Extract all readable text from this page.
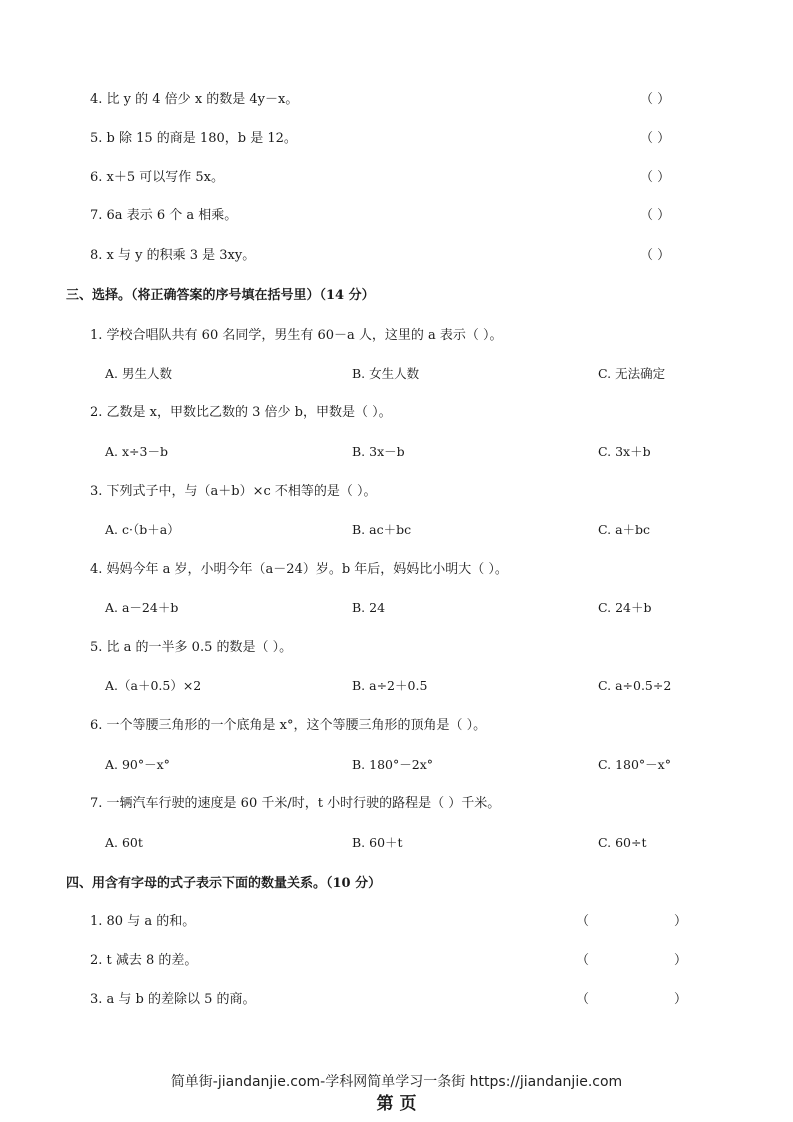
4. 比 y 的 4 倍少 x 的数是 4y－x。	（ ）
5. b 除 15 的商是 180，b 是 12。	（ ）
6. x＋5 可以写作 5x。	（ ）
7. 6a 表示 6 个 a 相乘。	（ ）
8. x 与 y 的积乘 3 是 3xy。	（ ）
三、选择。（将正确答案的序号填在括号里）（14 分）
1. 学校合唱队共有 60 名同学，男生有 60－a 人，这里的 a 表示（ ）。
A. 男生人数	B. 女生人数	C. 无法确定
2. 乙数是 x，甲数比乙数的 3 倍少 b，甲数是（ ）。
A. x÷3－b	B. 3x－b	C. 3x＋b
3. 下列式子中，与（a＋b）×c 不相等的是（ ）。
A. c·（b＋a）	B. ac＋bc	C. a＋bc
4. 妈妈今年 a 岁，小明今年（a－24）岁。b 年后，妈妈比小明大（ ）。
A. a－24＋b	B. 24	C. 24＋b
5. 比 a 的一半多 0.5 的数是（ ）。
A.（a＋0.5）×2	B. a÷2＋0.5	C. a÷0.5÷2
6. 一个等腰三角形的一个底角是 x°，这个等腰三角形的顶角是（ ）。
A. 90°－x°	B. 180°－2x°	C. 180°－x°
7. 一辆汽车行驶的速度是 60 千米/时，t 小时行驶的路程是（ ）千米。
A. 60t	B. 60＋t	C. 60÷t
四、用含有字母的式子表示下面的数量关系。（10 分）
1. 80 与 a 的和。	（	）
2. t 减去 8 的差。	（	）
3. a 与 b 的差除以 5 的商。	（	）
简单街-jiandanjie.com-学科网简单学习一条街 https://jiandanjie.com
第 页
